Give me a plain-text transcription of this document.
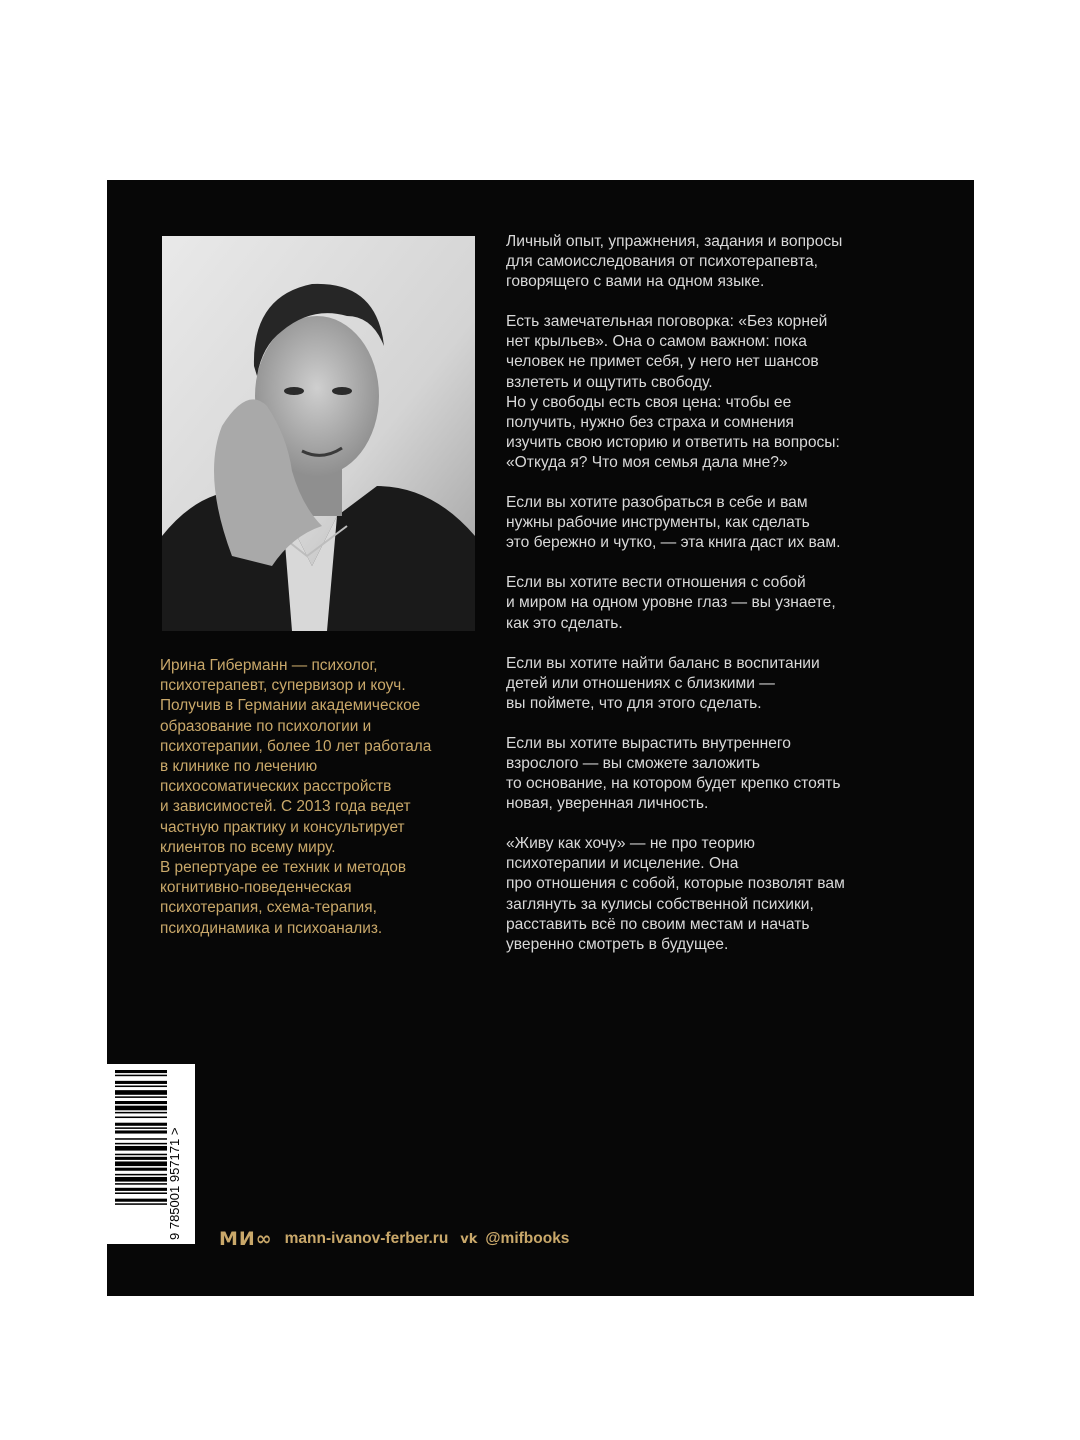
Ирина Гиберманн — психолог,
психотерапевт, супервизор и коуч.
Получив в Германии академическое
образование по психологии и
психотерапии, более 10 лет работала
в клинике по лечению
психосоматических расстройств
и зависимостей. С 2013 года ведет
частную практику и консультирует
клиентов по всему миру.
В репертуаре ее техник и методов
когнитивно-поведенческая
психотерапия, схема-терапия,
психодинамика и психоанализ.

Личный опыт, упражнения, задания и вопросы
для самоисследования от психотерапевта,
говорящего с вами на одном языке.

Есть замечательная поговорка: «Без корней
нет крыльев». Она о самом важном: пока
человек не примет себя, у него нет шансов
взлететь и ощутить свободу.
Но у свободы есть своя цена: чтобы ее
получить, нужно без страха и сомнения
изучить свою историю и ответить на вопросы:
«Откуда я? Что моя семья дала мне?»

Если вы хотите разобраться в себе и вам
нужны рабочие инструменты, как сделать
это бережно и чутко, — эта книга даст их вам.

Если вы хотите вести отношения с собой
и миром на одном уровне глаз — вы узнаете,
как это сделать.

Если вы хотите найти баланс в воспитании
детей или отношениях с близкими —
вы поймете, что для этого сделать.

Если вы хотите вырастить внутреннего
взрослого — вы сможете заложить
то основание, на котором будет крепко стоять
новая, уверенная личность.

«Живу как хочу» — не про теорию
психотерапии и исцеление. Она
про отношения с собой, которые позволят вам
заглянуть за кулисы собственной психики,
расставить всё по своим местам и начать
уверенно смотреть в будущее.

9 785001 957171 > МИ∞ mann-ivanov-ferber.ru vk @mifbooks
